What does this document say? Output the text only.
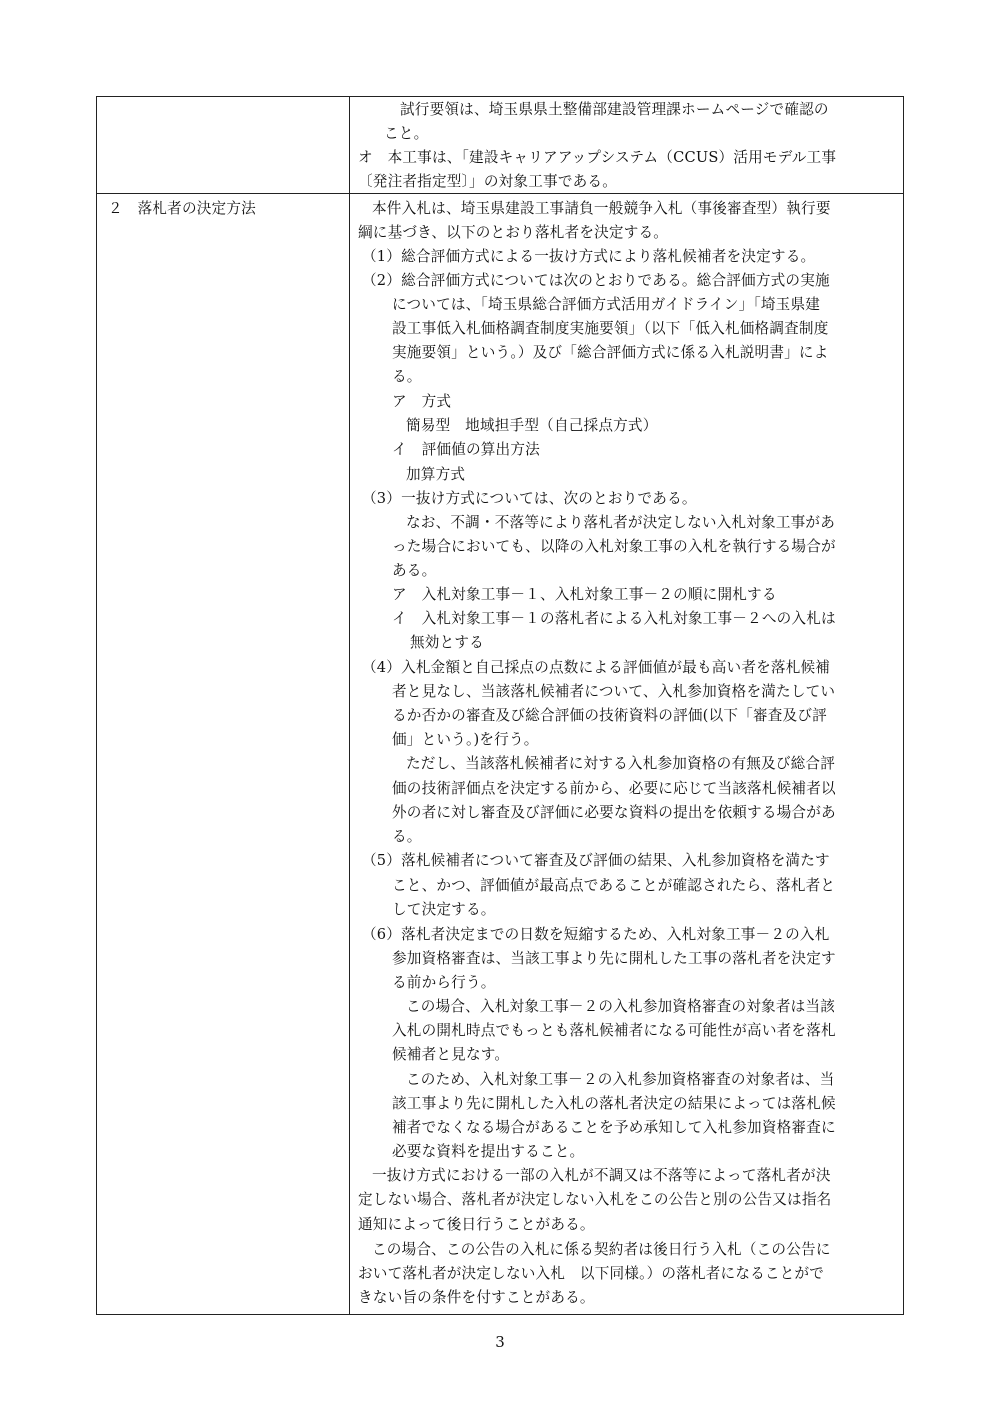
試行要領は、埼玉県県土整備部建設管理課ホームページで確認の
こと。
オ　本工事は、「建設キャリアアップシステム（CCUS）活用モデル工事
〔発注者指定型〕」の対象工事である。
２　落札者の決定方法	本件入札は、埼玉県建設工事請負一般競争入札（事後審査型）執行要
綱に基づき、以下のとおり落札者を決定する。
（1）総合評価方式による一抜け方式により落札候補者を決定する。
（2）総合評価方式については次のとおりである。総合評価方式の実施
については、「埼玉県総合評価方式活用ガイドライン」「埼玉県建
設工事低入札価格調査制度実施要領」（以下「低入札価格調査制度
実施要領」という。）及び「総合評価方式に係る入札説明書」によ
る。
ア　方式
簡易型　地域担手型（自己採点方式）
イ　評価値の算出方法
加算方式
（3）一抜け方式については、次のとおりである。
なお、不調・不落等により落札者が決定しない入札対象工事があ
った場合においても、以降の入札対象工事の入札を執行する場合が
ある。
ア　入札対象工事－１、入札対象工事－２の順に開札する
イ　入札対象工事－１の落札者による入札対象工事－２への入札は
無効とする
（4）入札金額と自己採点の点数による評価値が最も高い者を落札候補
者と見なし、当該落札候補者について、入札参加資格を満たしてい
るか否かの審査及び総合評価の技術資料の評価(以下「審査及び評
価」という。)を行う。
ただし、当該落札候補者に対する入札参加資格の有無及び総合評
価の技術評価点を決定する前から、必要に応じて当該落札候補者以
外の者に対し審査及び評価に必要な資料の提出を依頼する場合があ
る。
（5）落札候補者について審査及び評価の結果、入札参加資格を満たす
こと、かつ、評価値が最高点であることが確認されたら、落札者と
して決定する。
（6）落札者決定までの日数を短縮するため、入札対象工事－２の入札
参加資格審査は、当該工事より先に開札した工事の落札者を決定す
る前から行う。
この場合、入札対象工事－２の入札参加資格審査の対象者は当該
入札の開札時点でもっとも落札候補者になる可能性が高い者を落札
候補者と見なす。
このため、入札対象工事－２の入札参加資格審査の対象者は、当
該工事より先に開札した入札の落札者決定の結果によっては落札候
補者でなくなる場合があることを予め承知して入札参加資格審査に
必要な資料を提出すること。
一抜け方式における一部の入札が不調又は不落等によって落札者が決
定しない場合、落札者が決定しない入札をこの公告と別の公告又は指名
通知によって後日行うことがある。
この場合、この公告の入札に係る契約者は後日行う入札（この公告に
おいて落札者が決定しない入札　以下同様。）の落札者になることがで
きない旨の条件を付すことがある。
3
